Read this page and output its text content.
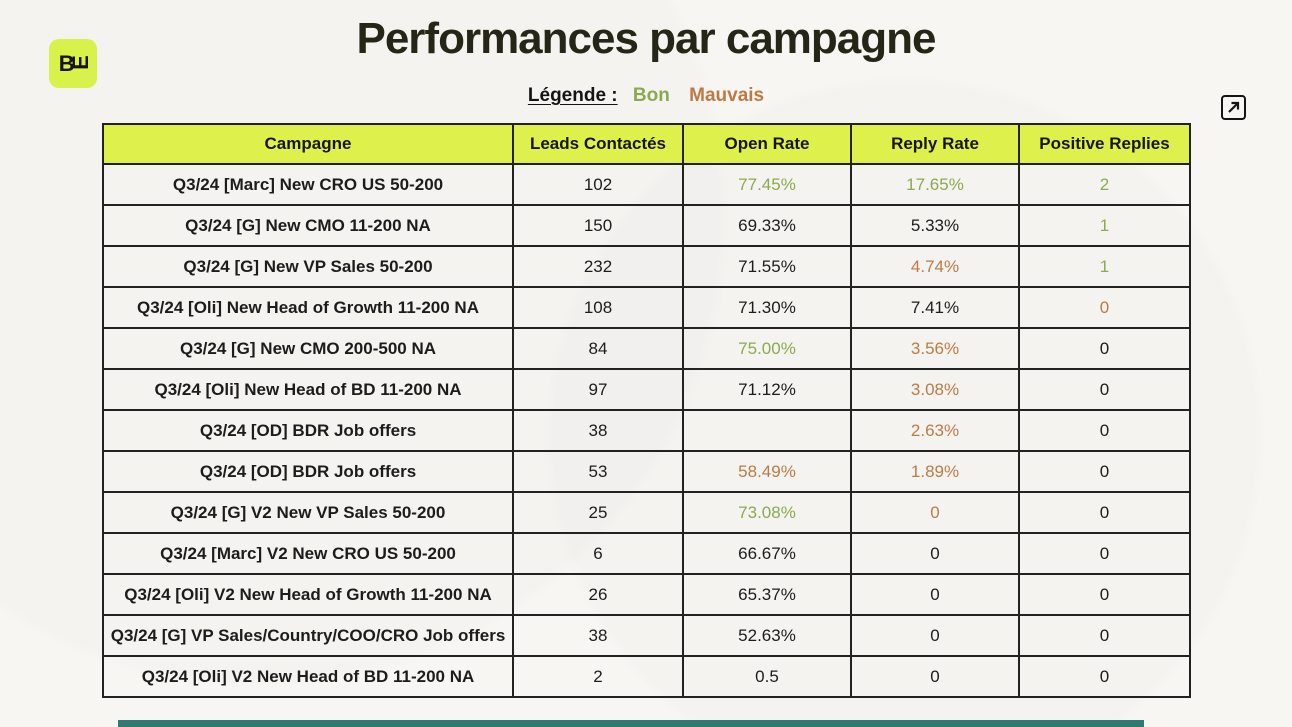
B
E	Performances par campagne
Légende : Bon Mauvais
Campagne	Leads Contactés	Open Rate	Reply Rate	Positive Replies
Q3/24 [Marc] New CRO US 50-200	102	77.45%	17.65%	2
Q3/24 [G] New CMO 11-200 NA	150	69.33%	5.33%	1
Q3/24 [G] New VP Sales 50-200	232	71.55%	4.74%	1
Q3/24 [Oli] New Head of Growth 11-200 NA	108	71.30%	7.41%	0
Q3/24 [G] New CMO 200-500 NA	84	75.00%	3.56%	0
Q3/24 [Oli] New Head of BD 11-200 NA	97	71.12%	3.08%	0
Q3/24 [OD] BDR Job offers	38		2.63%	0
Q3/24 [OD] BDR Job offers	53	58.49%	1.89%	0
Q3/24 [G] V2 New VP Sales 50-200	25	73.08%	0	0
Q3/24 [Marc] V2 New CRO US 50-200	6	66.67%	0	0
Q3/24 [Oli] V2 New Head of Growth 11-200 NA	26	65.37%	0	0
Q3/24 [G] VP Sales/Country/COO/CRO Job offers	38	52.63%	0	0
Q3/24 [Oli] V2 New Head of BD 11-200 NA	2	0.5	0	0
